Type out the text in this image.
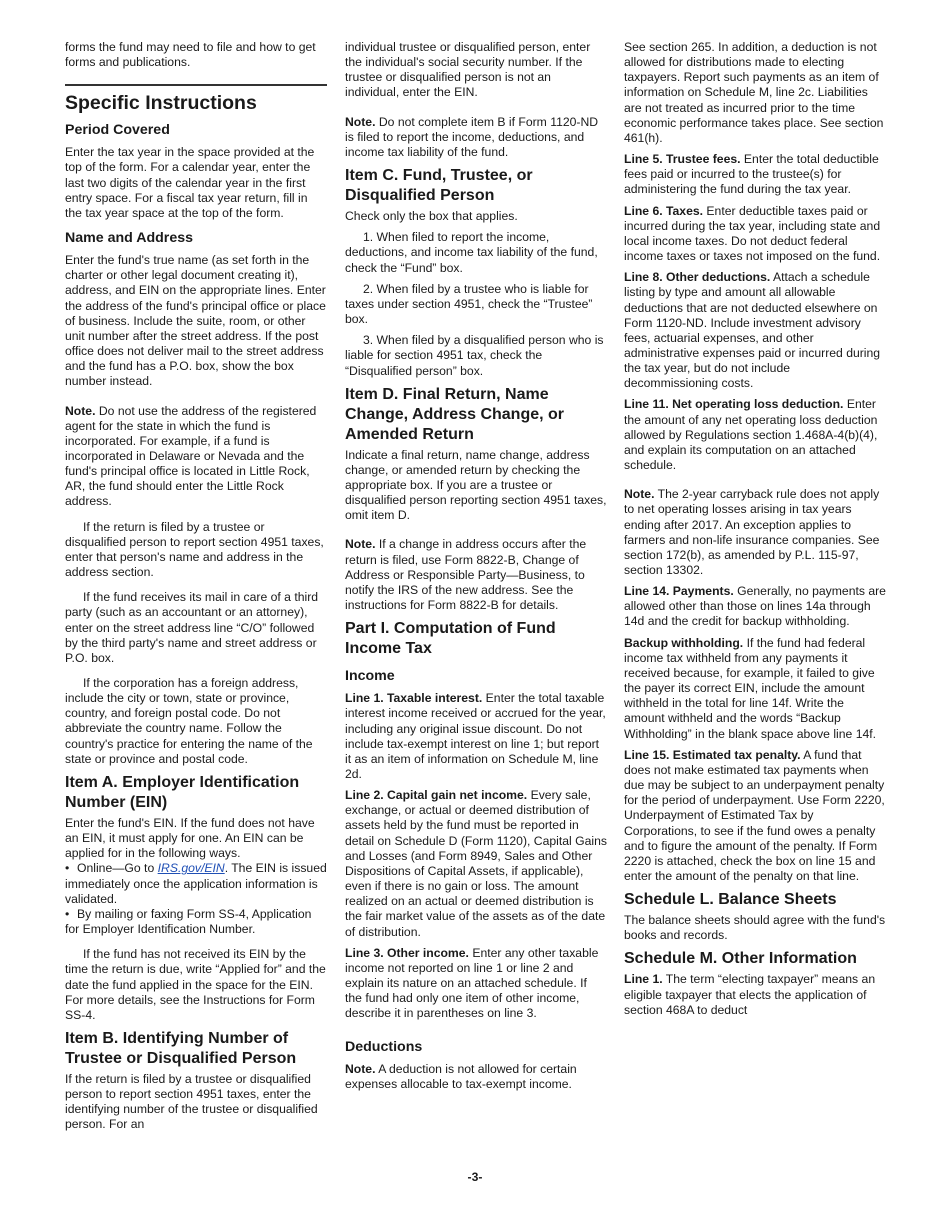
forms the fund may need to file and how to get forms and publications.

Specific Instructions
Period Covered

Enter the tax year in the space provided at the top of the form. For a calendar year, enter the last two digits of the calendar year in the first entry space. For a fiscal tax year return, fill in the tax year space at the top of the form.

Name and Address

Enter the fund's true name (as set forth in the charter or other legal document creating it), address, and EIN on the appropriate lines. Enter the address of the fund's principal office or place of business. Include the suite, room, or other unit number after the street address. If the post office does not deliver mail to the street address and the fund has a P.O. box, show the box number instead.

Note. Do not use the address of the registered agent for the state in which the fund is incorporated. For example, if a fund is incorporated in Delaware or Nevada and the fund's principal office is located in Little Rock, AR, the fund should enter the Little Rock address.

If the return is filed by a trustee or disqualified person to report section 4951 taxes, enter that person's name and address in the address section.

If the fund receives its mail in care of a third party (such as an accountant or an attorney), enter on the street address line “C/O” followed by the third party's name and street address or P.O. box.

If the corporation has a foreign address, include the city or town, state or province, country, and foreign postal code. Do not abbreviate the country name. Follow the country's practice for entering the name of the state or province and postal code.

Item A. Employer Identification Number (EIN)

Enter the fund's EIN. If the fund does not have an EIN, it must apply for one. An EIN can be applied for in the following ways.

• Online—Go to IRS.gov/EIN. The EIN is issued immediately once the application information is validated.

• By mailing or faxing Form SS-4, Application for Employer Identification Number.

If the fund has not received its EIN by the time the return is due, write “Applied for” and the date the fund applied in the space for the EIN. For more details, see the Instructions for Form SS-4.

Item B. Identifying Number of Trustee or Disqualified Person

If the return is filed by a trustee or disqualified person to report section 4951 taxes, enter the identifying number of the trustee or disqualified person. For an

individual trustee or disqualified person, enter the individual's social security number. If the trustee or disqualified person is not an individual, enter the EIN.

Note. Do not complete item B if Form 1120-ND is filed to report the income, deductions, and income tax liability of the fund.

Item C. Fund, Trustee, or Disqualified Person

Check only the box that applies.

1. When filed to report the income, deductions, and income tax liability of the fund, check the “Fund” box.

2. When filed by a trustee who is liable for taxes under section 4951, check the “Trustee” box.

3. When filed by a disqualified person who is liable for section 4951 tax, check the “Disqualified person” box.

Item D. Final Return, Name Change, Address Change, or Amended Return

Indicate a final return, name change, address change, or amended return by checking the appropriate box. If you are a trustee or disqualified person reporting section 4951 taxes, omit item D.

Note. If a change in address occurs after the return is filed, use Form 8822-B, Change of Address or Responsible Party—Business, to notify the IRS of the new address. See the instructions for Form 8822-B for details.

Part I. Computation of Fund Income Tax
Income

Line 1. Taxable interest. Enter the total taxable interest income received or accrued for the year, including any original issue discount. Do not include tax-exempt interest on line 1; but report it as an item of information on Schedule M, line 2d.

Line 2. Capital gain net income. Every sale, exchange, or actual or deemed distribution of assets held by the fund must be reported in detail on Schedule D (Form 1120), Capital Gains and Losses (and Form 8949, Sales and Other Dispositions of Capital Assets, if applicable), even if there is no gain or loss. The amount realized on an actual or deemed distribution is the fair market value of the assets as of the date of distribution.

Line 3. Other income. Enter any other taxable income not reported on line 1 or line 2 and explain its nature on an attached schedule. If the fund had only one item of other income, describe it in parentheses on line 3.

Deductions

Note. A deduction is not allowed for certain expenses allocable to tax-exempt income.

See section 265. In addition, a deduction is not allowed for distributions made to electing taxpayers. Report such payments as an item of information on Schedule M, line 2c. Liabilities are not treated as incurred prior to the time economic performance takes place. See section 461(h).

Line 5. Trustee fees. Enter the total deductible fees paid or incurred to the trustee(s) for administering the fund during the tax year.

Line 6. Taxes. Enter deductible taxes paid or incurred during the tax year, including state and local income taxes. Do not deduct federal income taxes or taxes not imposed on the fund.

Line 8. Other deductions. Attach a schedule listing by type and amount all allowable deductions that are not deducted elsewhere on Form 1120-ND. Include investment advisory fees, actuarial expenses, and other administrative expenses paid or incurred during the tax year, but do not include decommissioning costs.

Line 11. Net operating loss deduction. Enter the amount of any net operating loss deduction allowed by Regulations section 1.468A-4(b)(4), and explain its computation on an attached schedule.

Note. The 2-year carryback rule does not apply to net operating losses arising in tax years ending after 2017. An exception applies to farmers and non-life insurance companies. See section 172(b), as amended by P.L. 115-97, section 13302.

Line 14. Payments. Generally, no payments are allowed other than those on lines 14a through 14d and the credit for backup withholding.

Backup withholding. If the fund had federal income tax withheld from any payments it received because, for example, it failed to give the payer its correct EIN, include the amount withheld in the total for line 14f. Write the amount withheld and the words “Backup Withholding” in the blank space above line 14f.

Line 15. Estimated tax penalty. A fund that does not make estimated tax payments when due may be subject to an underpayment penalty for the period of underpayment. Use Form 2220, Underpayment of Estimated Tax by Corporations, to see if the fund owes a penalty and to figure the amount of the penalty. If Form 2220 is attached, check the box on line 15 and enter the amount of the penalty on that line.

Schedule L. Balance Sheets

The balance sheets should agree with the fund's books and records.

Schedule M. Other Information

Line 1. The term “electing taxpayer” means an eligible taxpayer that elects the application of section 468A to deduct

-3-
